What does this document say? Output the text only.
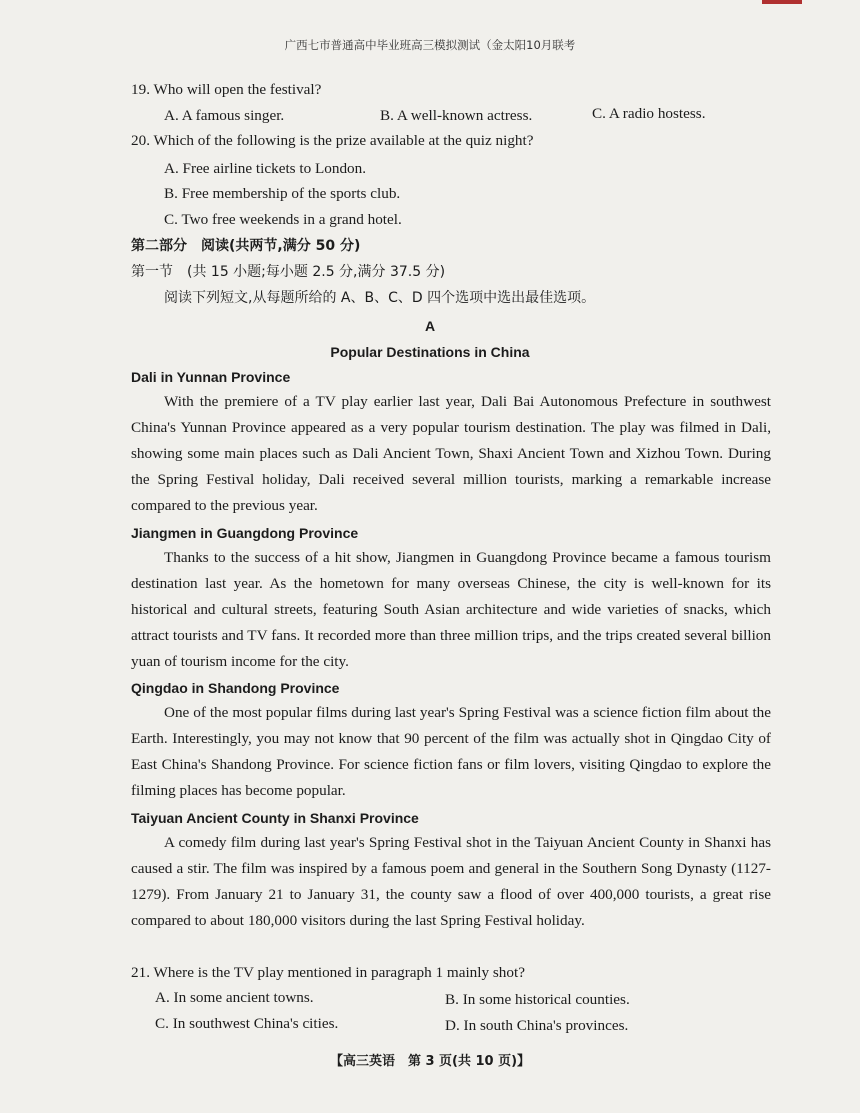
广西七市普通高中毕业班高三模拟测试（金太阳10月联考
19. Who will open the festival?
A. A famous singer.	B. A well-known actress.	C. A radio hostess.
20. Which of the following is the prize available at the quiz night?
A. Free airline tickets to London.
B. Free membership of the sports club.
C. Two free weekends in a grand hotel.
第二部分　阅读(共两节,满分 50 分)
第一节　(共 15 小题;每小题 2.5 分,满分 37.5 分)
阅读下列短文,从每题所给的 A、B、C、D 四个选项中选出最佳选项。
A
Popular Destinations in China
Dali in Yunnan Province
With the premiere of a TV play earlier last year, Dali Bai Autonomous Prefecture in southwest China's Yunnan Province appeared as a very popular tourism destination. The play was filmed in Dali, showing some main places such as Dali Ancient Town, Shaxi Ancient Town and Xizhou Town. During the Spring Festival holiday, Dali received several million tourists, marking a remarkable increase compared to the previous year.
Jiangmen in Guangdong Province
Thanks to the success of a hit show, Jiangmen in Guangdong Province became a famous tourism destination last year. As the hometown for many overseas Chinese, the city is well-known for its historical and cultural streets, featuring South Asian architecture and wide varieties of snacks, which attract tourists and TV fans. It recorded more than three million trips, and the trips created several billion yuan of tourism income for the city.
Qingdao in Shandong Province
One of the most popular films during last year's Spring Festival was a science fiction film about the Earth. Interestingly, you may not know that 90 percent of the film was actually shot in Qingdao City of East China's Shandong Province. For science fiction fans or film lovers, visiting Qingdao to explore the filming places has become popular.
Taiyuan Ancient County in Shanxi Province
A comedy film during last year's Spring Festival shot in the Taiyuan Ancient County in Shanxi has caused a stir. The film was inspired by a famous poem and general in the Southern Song Dynasty (1127-1279). From January 21 to January 31, the county saw a flood of over 400,000 tourists, a great rise compared to about 180,000 visitors during the last Spring Festival holiday.
21. Where is the TV play mentioned in paragraph 1 mainly shot?
A. In some ancient towns.	B. In some historical counties.
C. In southwest China's cities.	D. In south China's provinces.
【高三英语　第 3 页(共 10 页)】
